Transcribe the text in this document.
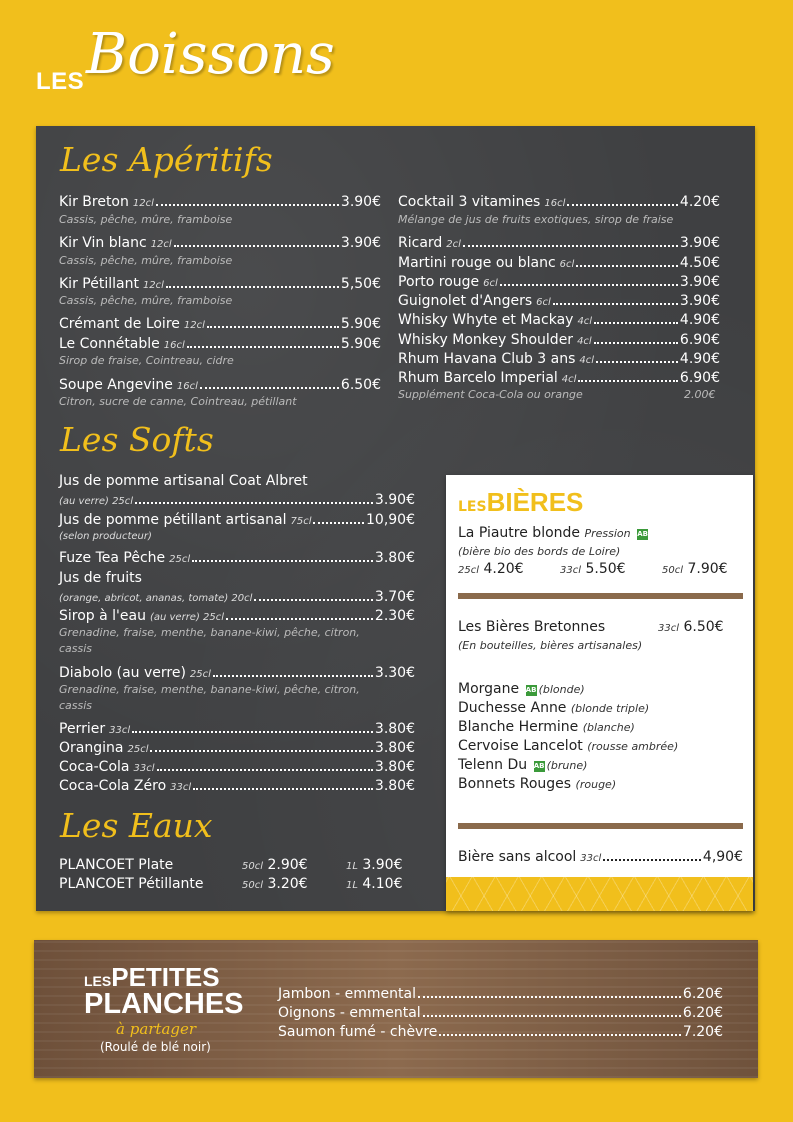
LES Boissons
Les Apéritifs
Kir Breton 12cl	3.90€
Cassis, pêche, mûre, framboise
Kir Vin blanc 12cl	3.90€
Cassis, pêche, mûre, framboise
Kir Pétillant 12cl	5,50€
Cassis, pêche, mûre, framboise
Crémant de Loire 12cl	5.90€
Le Connétable 16cl	5.90€
Sirop de fraise, Cointreau, cidre
Soupe Angevine 16cl	6.50€
Citron, sucre de canne, Cointreau, pétillant
Cocktail 3 vitamines 16cl	4.20€
Mélange de jus de fruits exotiques, sirop de fraise
Ricard 2cl	3.90€
Martini rouge ou blanc 6cl	4.50€
Porto rouge 6cl	3.90€
Guignolet d'Angers 6cl	3.90€
Whisky Whyte et Mackay 4cl	4.90€
Whisky Monkey Shoulder 4cl	6.90€
Rhum Havana Club 3 ans 4cl	4.90€
Rhum Barcelo Imperial 4cl	6.90€
Supplément Coca-Cola ou orange	2.00€
Les Softs
Jus de pomme artisanal Coat Albret
(au verre) 25cl	3.90€
Jus de pomme pétillant artisanal 75cl	10,90€
(selon producteur)
Fuze Tea Pêche 25cl	3.80€
Jus de fruits
(orange, abricot, ananas, tomate) 20cl	3.70€
Sirop à l'eau (au verre) 25cl	2.30€
Grenadine, fraise, menthe, banane-kiwi, pêche, citron,
cassis
Diabolo (au verre) 25cl	3.30€
Grenadine, fraise, menthe, banane-kiwi, pêche, citron,
cassis
Perrier 33cl	3.80€
Orangina 25cl	3.80€
Coca-Cola 33cl	3.80€
Coca-Cola Zéro 33cl	3.80€
Les Eaux
PLANCOET Plate	50cl 2.90€	1L 3.90€
PLANCOET Pétillante	50cl 3.20€	1L 4.10€
LESBIÈRES
La Piautre blonde Pression AB
(bière bio des bords de Loire)
25cl 4.20€	33cl 5.50€	50cl 7.90€
Les Bières Bretonnes	33cl 6.50€
(En bouteilles, bières artisanales)
Morgane AB (blonde)
Duchesse Anne (blonde triple)
Blanche Hermine (blanche)
Cervoise Lancelot (rousse ambrée)
Telenn Du AB (brune)
Bonnets Rouges (rouge)
Bière sans alcool 33cl	4,90€
LESPETITES
PLANCHES
à partager
(Roulé de blé noir)
Jambon - emmental	6.20€
Oignons - emmental	6.20€
Saumon fumé - chèvre	7.20€
